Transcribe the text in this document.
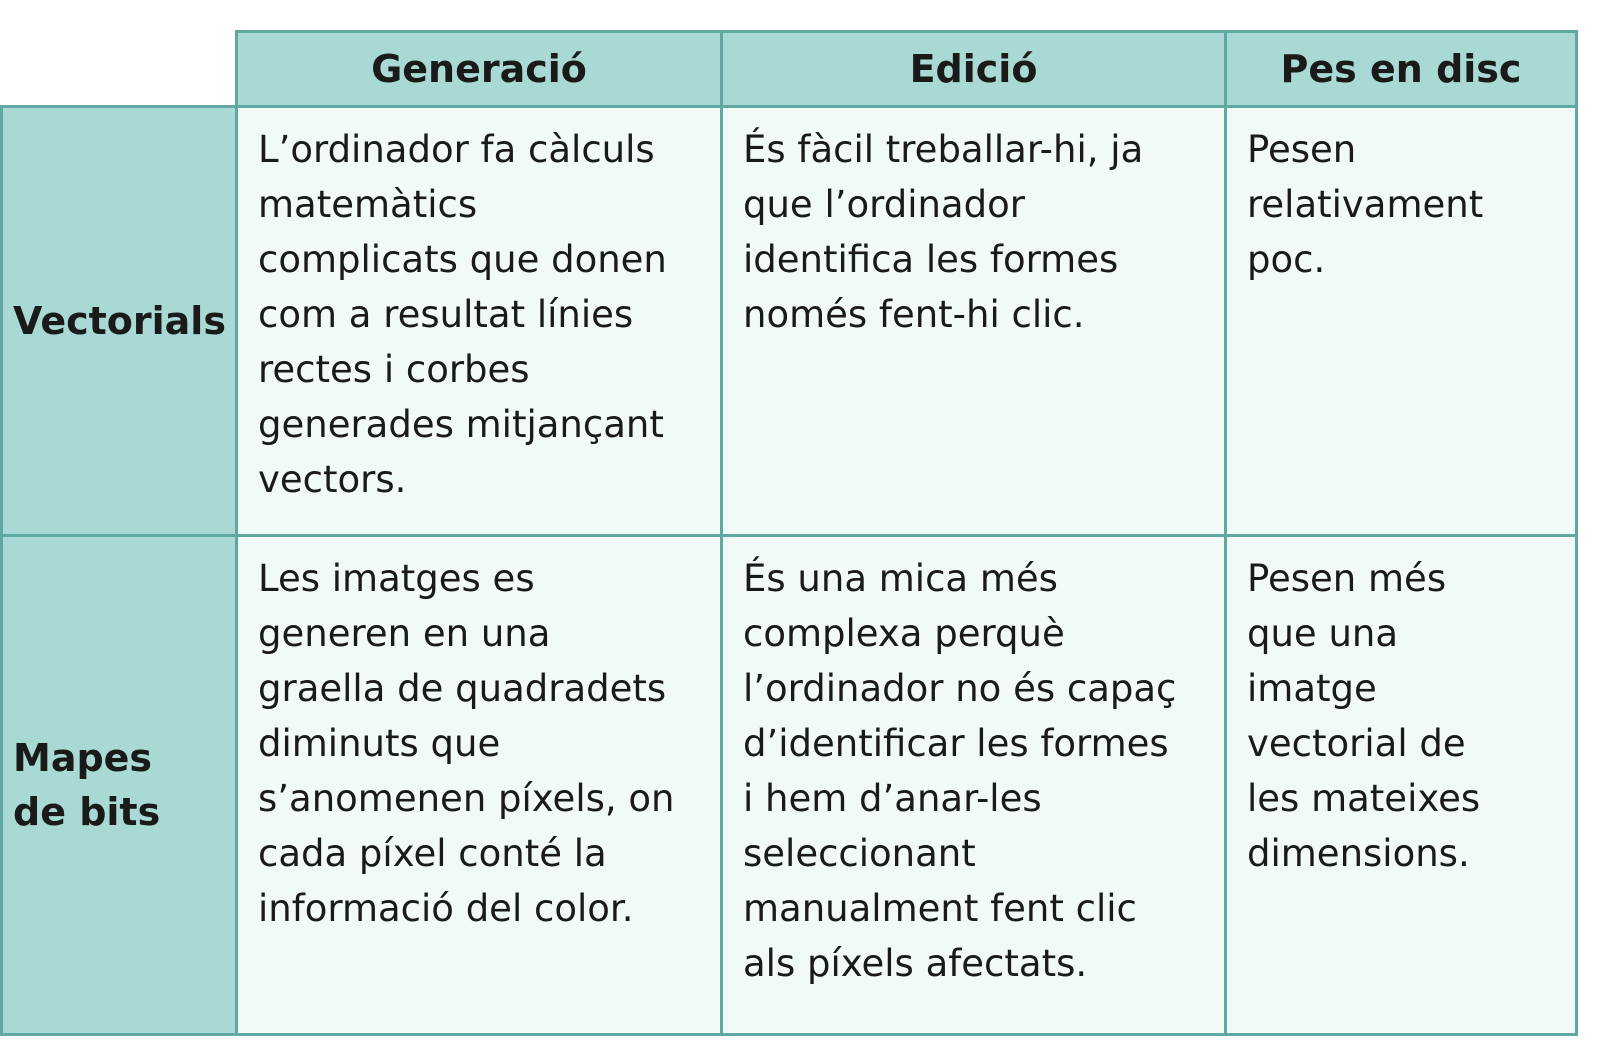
Generació	Edició	Pes en disc
Vectorials
L’ordinador fa càlculs
matemàtics
complicats que donen
com a resultat línies
rectes i corbes
generades mitjançant
vectors.
És fàcil treballar-hi, ja
que l’ordinador
identifica les formes
només fent-hi clic.
Pesen
relativament
poc.
Mapes
de bits
Les imatges es
generen en una
graella de quadradets
diminuts que
s’anomenen píxels, on
cada píxel conté la
informació del color.
És una mica més
complexa perquè
l’ordinador no és capaç
d’identificar les formes
i hem d’anar-les
seleccionant
manualment fent clic
als píxels afectats.
Pesen més
que una
imatge
vectorial de
les mateixes
dimensions.
